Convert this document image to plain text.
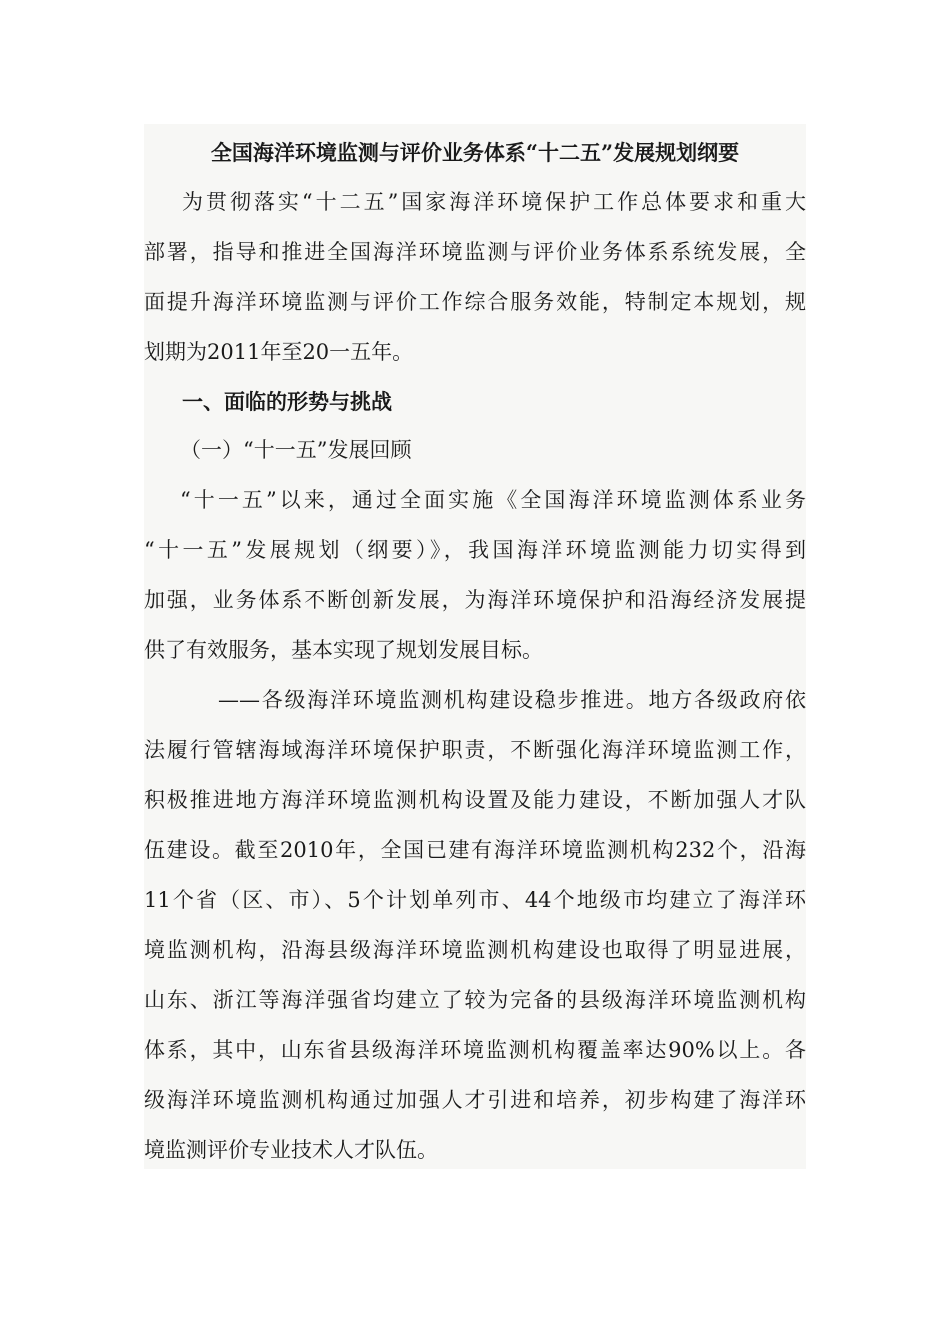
全国海洋环境监测与评价业务体系“十二五”发展规划纲要
为贯彻落实“十二五”国家海洋环境保护工作总体要求和重大
部署，指导和推进全国海洋环境监测与评价业务体系系统发展，全
面提升海洋环境监测与评价工作综合服务效能，特制定本规划，规
划期为2011年至20一五年。
一、面临的形势与挑战
（一）“十一五”发展回顾
“十一五”以来，通过全面实施《全国海洋环境监测体系业务
“十一五”发展规划（纲要）》，我国海洋环境监测能力切实得到
加强，业务体系不断创新发展，为海洋环境保护和沿海经济发展提
供了有效服务，基本实现了规划发展目标。
——各级海洋环境监测机构建设稳步推进。地方各级政府依
法履行管辖海域海洋环境保护职责，不断强化海洋环境监测工作，
积极推进地方海洋环境监测机构设置及能力建设，不断加强人才队
伍建设。截至2010年，全国已建有海洋环境监测机构232个，沿海
11个省（区、市）、5个计划单列市、44个地级市均建立了海洋环
境监测机构，沿海县级海洋环境监测机构建设也取得了明显进展，
山东、浙江等海洋强省均建立了较为完备的县级海洋环境监测机构
体系，其中，山东省县级海洋环境监测机构覆盖率达90%以上。各
级海洋环境监测机构通过加强人才引进和培养，初步构建了海洋环
境监测评价专业技术人才队伍。
